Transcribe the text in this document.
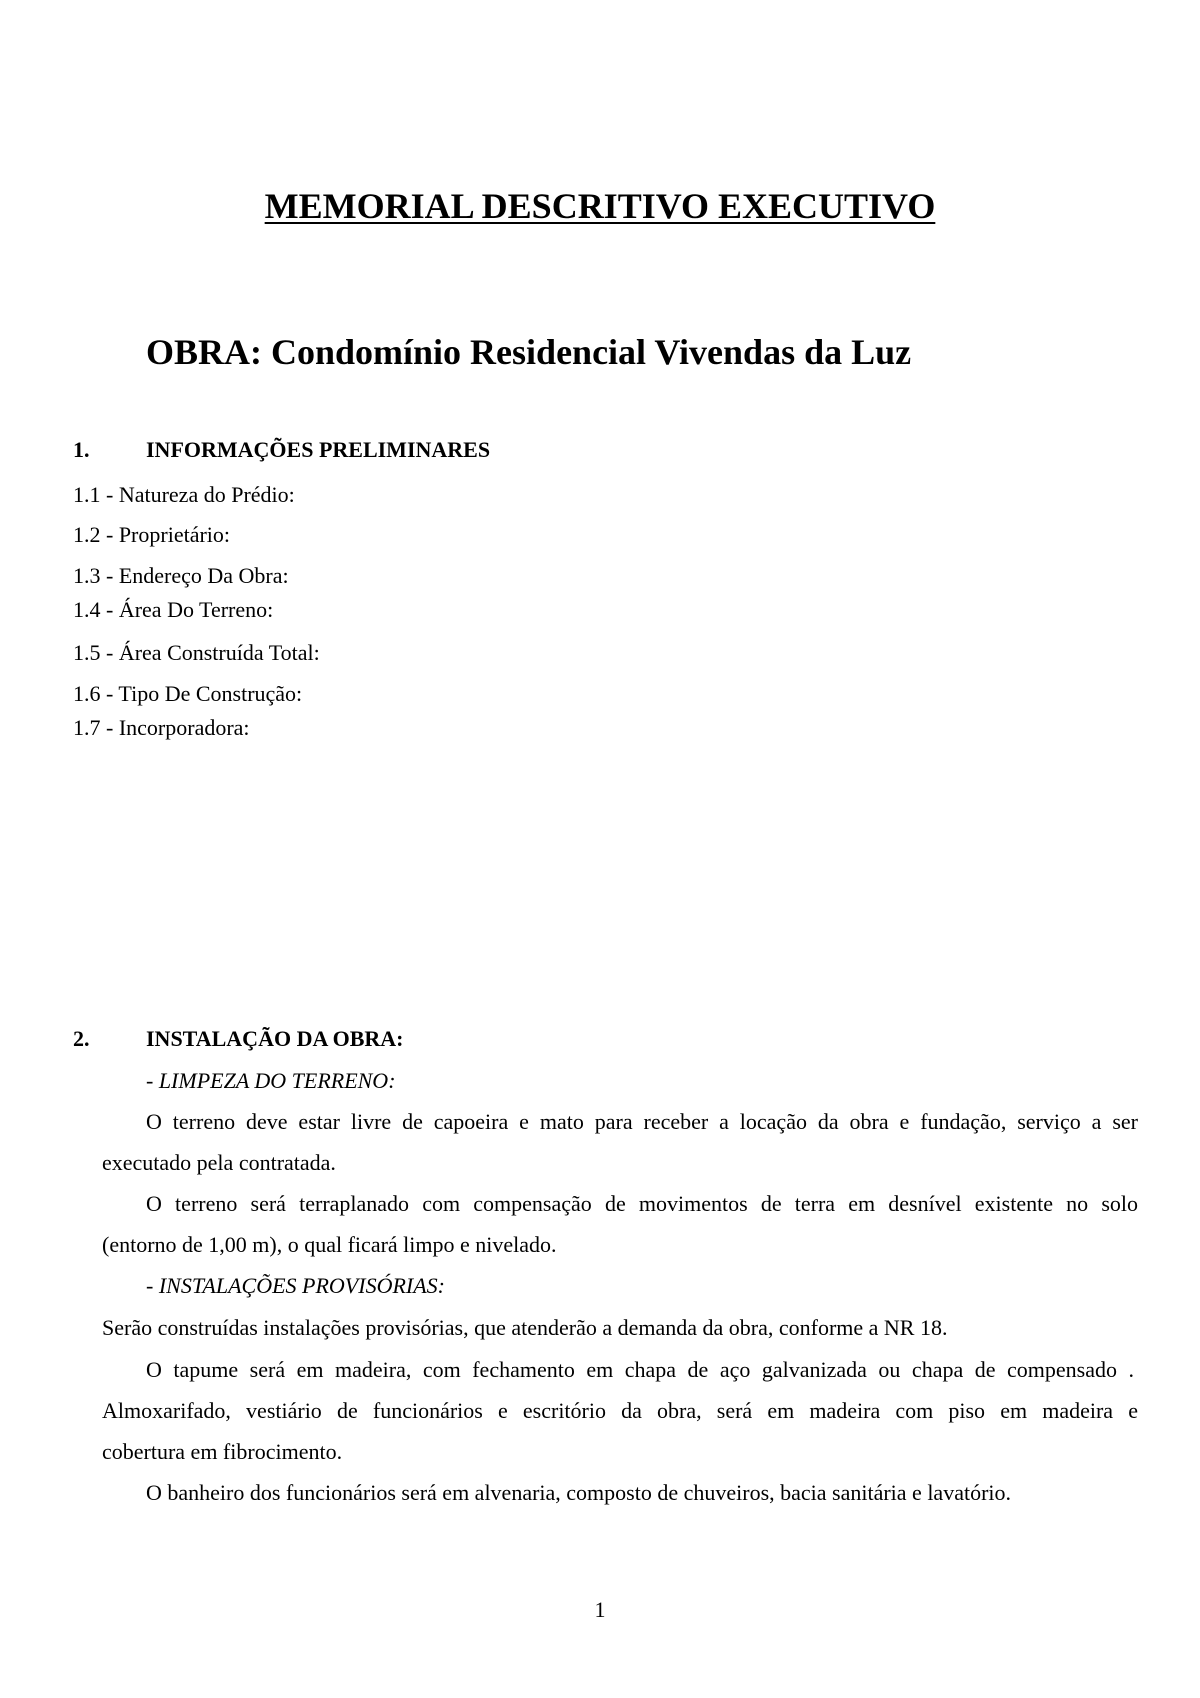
MEMORIAL DESCRITIVO EXECUTIVO
OBRA: Condomínio Residencial Vivendas da Luz
1.	INFORMAÇÕES PRELIMINARES
1.1 - Natureza do Prédio:
1.2 - Proprietário:
1.3 - Endereço Da Obra:
1.4 - Área Do Terreno:
1.5 - Área Construída Total:
1.6 - Tipo De Construção:
1.7 - Incorporadora:
2.	INSTALAÇÃO DA OBRA:
- LIMPEZA DO TERRENO:
O terreno deve estar livre de capoeira e mato para receber a locação da obra e fundação, serviço a ser
executado pela contratada.
O terreno será terraplanado com compensação de movimentos de terra em desnível existente no solo
(entorno de 1,00 m), o qual ficará limpo e nivelado.
- INSTALAÇÕES PROVISÓRIAS:
Serão construídas instalações provisórias, que atenderão a demanda da obra, conforme a NR 18.
O tapume será em madeira, com fechamento em chapa de aço galvanizada ou chapa de compensado .
Almoxarifado, vestiário de funcionários e escritório da obra, será em madeira com piso em madeira e
cobertura em fibrocimento.
O banheiro dos funcionários será em alvenaria, composto de chuveiros, bacia sanitária e lavatório.
1
